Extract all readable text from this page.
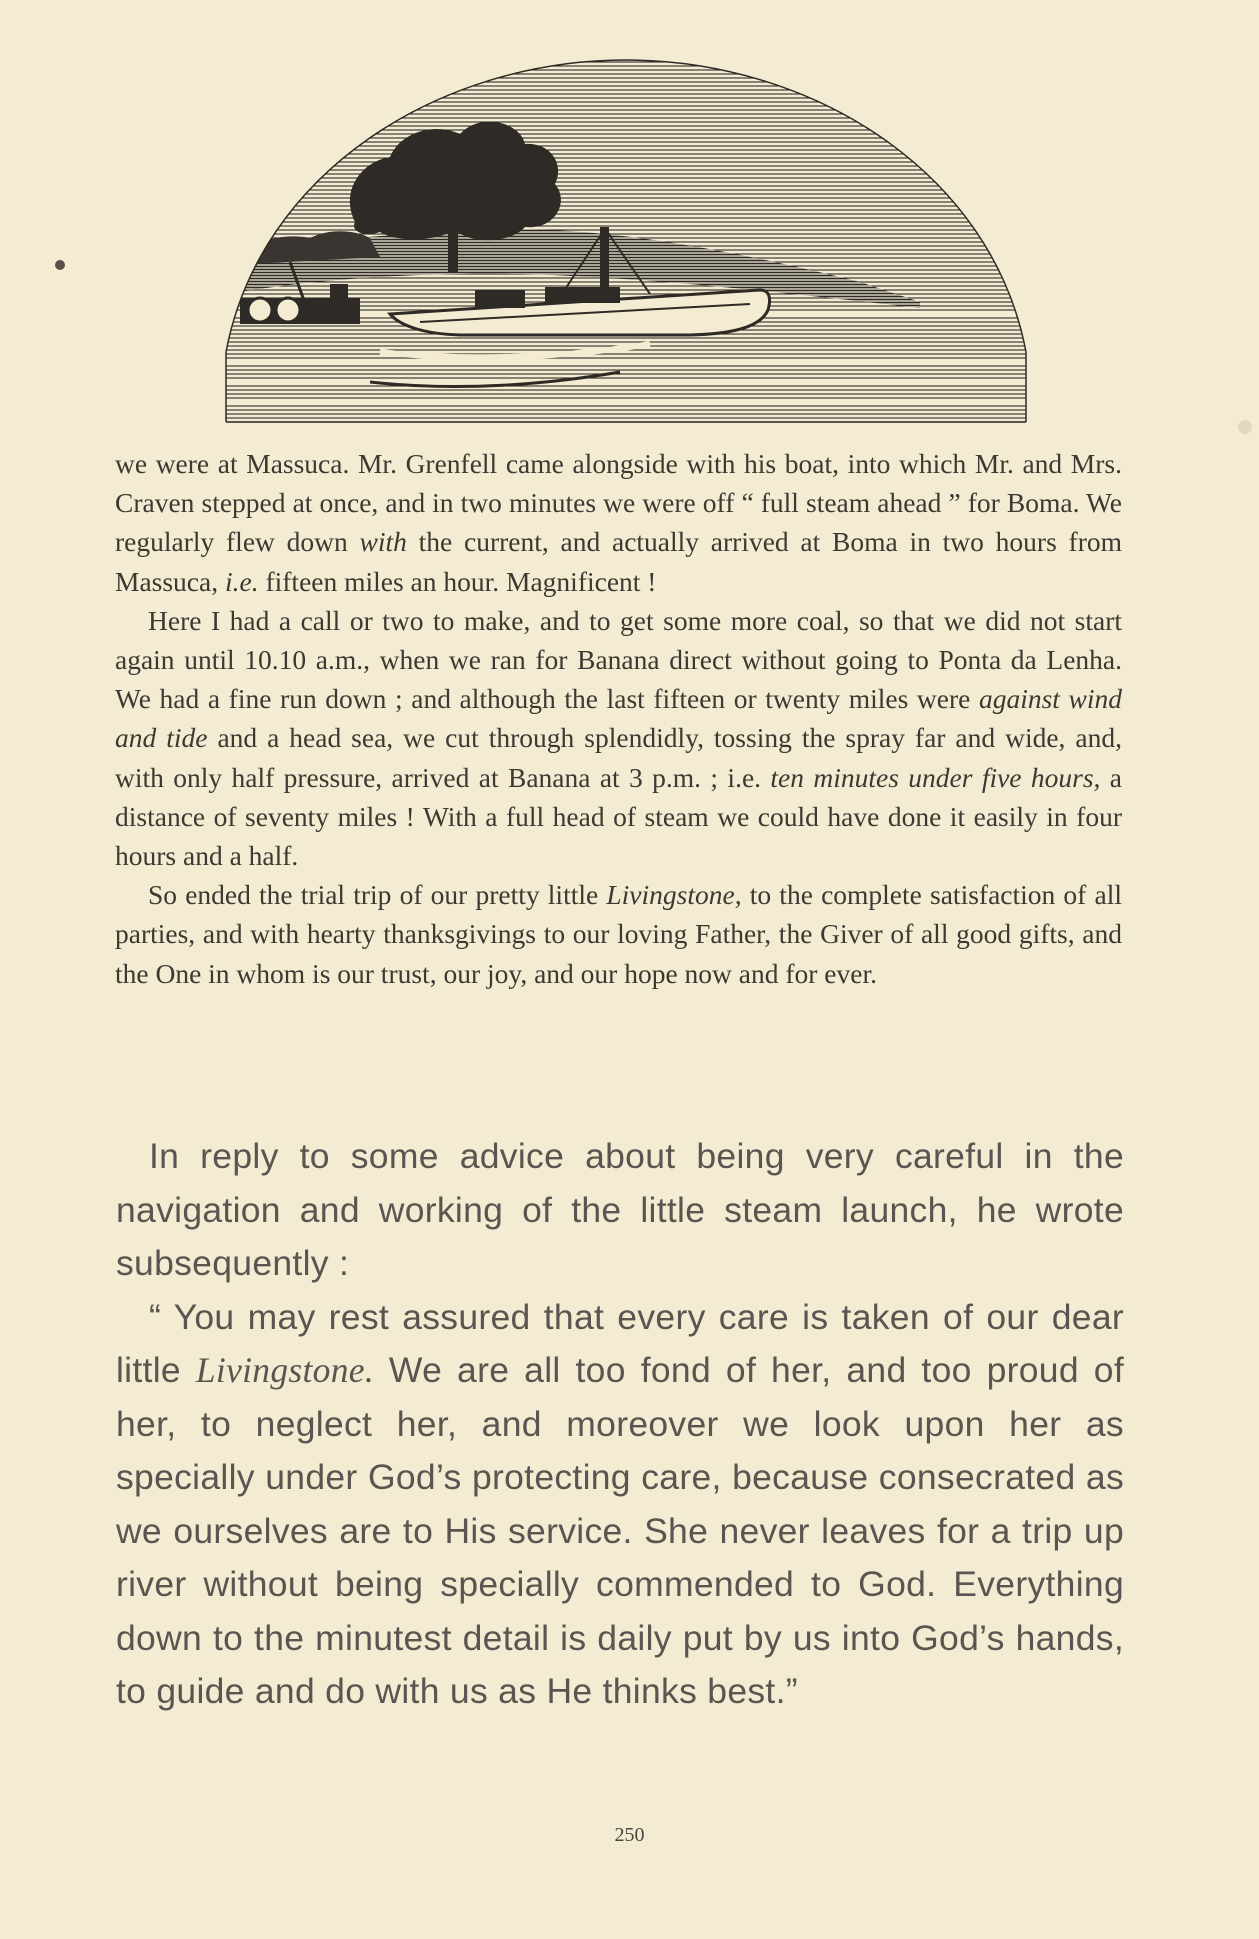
we were at Massuca. Mr. Grenfell came alongside with his boat, into which Mr. and Mrs. Craven stepped at once, and in two minutes we were off “ full steam ahead ” for Boma. We regularly flew down with the current, and actually arrived at Boma in two hours from Massuca, i.e. fifteen miles an hour. Magnificent !

Here I had a call or two to make, and to get some more coal, so that we did not start again until 10.10 a.m., when we ran for Banana direct without going to Ponta da Lenha. We had a fine run down ; and although the last fifteen or twenty miles were against wind and tide and a head sea, we cut through splendidly, tossing the spray far and wide, and, with only half pressure, arrived at Banana at 3 p.m. ; i.e. ten minutes under five hours, a distance of seventy miles ! With a full head of steam we could have done it easily in four hours and a half.

So ended the trial trip of our pretty little Livingstone, to the complete satisfaction of all parties, and with hearty thanksgivings to our loving Father, the Giver of all good gifts, and the One in whom is our trust, our joy, and our hope now and for ever.

In reply to some advice about being very careful in the navigation and working of the little steam launch, he wrote subsequently :

“ You may rest assured that every care is taken of our dear little Livingstone. We are all too fond of her, and too proud of her, to neglect her, and moreover we look upon her as specially under God’s protecting care, because consecrated as we ourselves are to His service. She never leaves for a trip up river without being specially commended to God. Everything down to the minutest detail is daily put by us into God’s hands, to guide and do with us as He thinks best.”

250
